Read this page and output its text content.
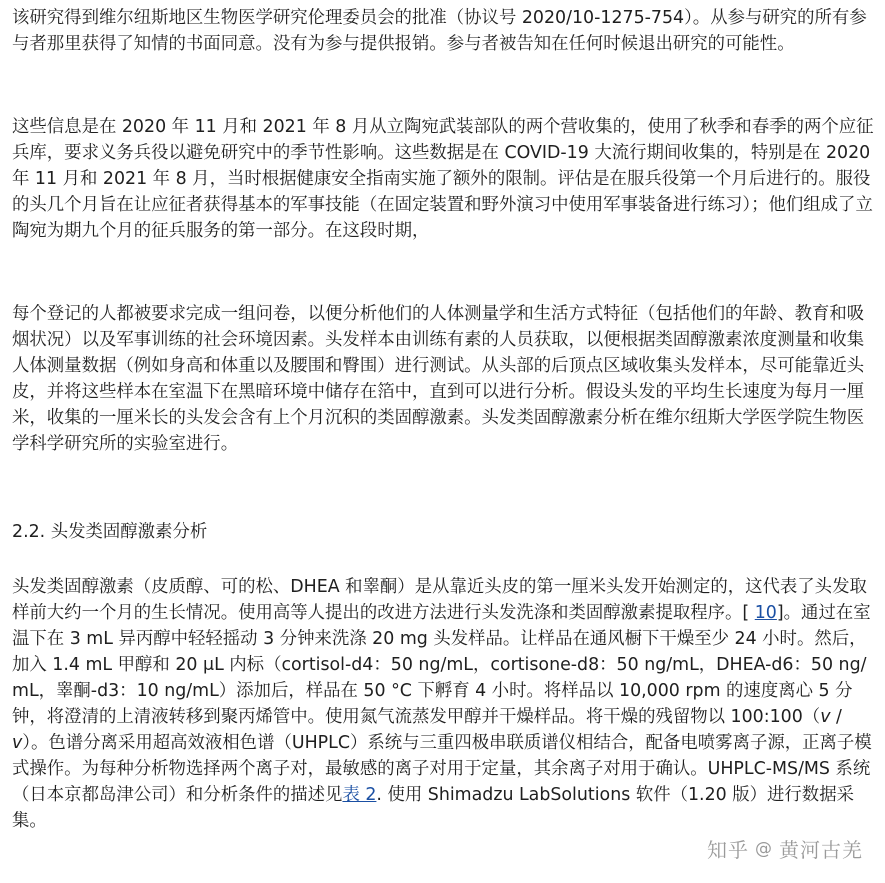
该研究得到维尔纽斯地区生物医学研究伦理委员会的批准（协议号 2020/10-1275-754）。从参与研究的所有参与者那里获得了知情的书面同意。没有为参与提供报销。参与者被告知在任何时候退出研究的可能性。

这些信息是在 2020 年 11 月和 2021 年 8 月从立陶宛武装部队的两个营收集的，使用了秋季和春季的两个应征兵库，要求义务兵役以避免研究中的季节性影响。这些数据是在 COVID-19 大流行期间收集的，特别是在 2020 年 11 月和 2021 年 8 月，当时根据健康安全指南实施了额外的限制。评估是在服兵役第一个月后进行的。服役的头几个月旨在让应征者获得基本的军事技能（在固定装置和野外演习中使用军事装备进行练习）；他们组成了立陶宛为期九个月的征兵服务的第一部分。在这段时期，

每个登记的人都被要求完成一组问卷，以便分析他们的人体测量学和生活方式特征（包括他们的年龄、教育和吸烟状况）以及军事训练的社会环境因素。头发样本由训练有素的人员获取，以便根据类固醇激素浓度测量和收集人体测量数据（例如身高和体重以及腰围和臀围）进行测试。从头部的后顶点区域收集头发样本，尽可能靠近头皮，并将这些样本在室温下在黑暗环境中储存在箔中，直到可以进行分析。假设头发的平均生长速度为每月一厘米，收集的一厘米长的头发会含有上个月沉积的类固醇激素。头发类固醇激素分析在维尔纽斯大学医学院生物医学科学研究所的实验室进行。

2.2. 头发类固醇激素分析

头发类固醇激素（皮质醇、可的松、DHEA 和睾酮）是从靠近头皮的第一厘米头发开始测定的，这代表了头发取样前大约一个月的生长情况。使用高等人提出的改进方法进行头发洗涤和类固醇激素提取程序。[ 10]。通过在室温下在 3 mL 异丙醇中轻轻摇动 3 分钟来洗涤 20 mg 头发样品。让样品在通风橱下干燥至少 24 小时。然后，加入 1.4 mL 甲醇和 20 μL 内标（cortisol-d4：50 ng/mL，cortisone-d8：50 ng/mL，DHEA-d6：50 ng/mL，睾酮-d3：10 ng/mL）添加后，样品在 50 °C 下孵育 4 小时。将样品以 10,000 rpm 的速度离心 5 分钟，将澄清的上清液转移到聚丙烯管中。使用氮气流蒸发甲醇并干燥样品。将干燥的残留物以 100:100（v / v）。色谱分离采用超高效液相色谱（UHPLC）系统与三重四极串联质谱仪相结合，配备电喷雾离子源，正离子模式操作。为每种分析物选择两个离子对，最敏感的离子对用于定量，其余离子对用于确认。UHPLC-MS/MS 系统（日本京都岛津公司）和分析条件的描述见表 2. 使用 Shimadzu LabSolutions 软件（1.20 版）进行数据采集。

知乎 @ 黄河古羌
